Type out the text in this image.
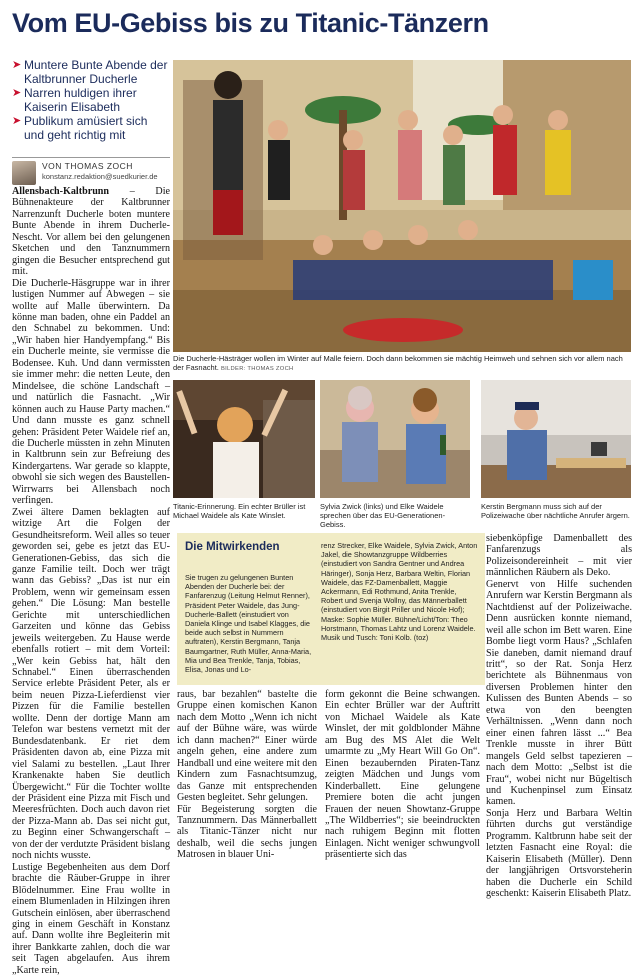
Vom EU-Gebiss bis zu Titanic-Tänzern
➤ Muntere Bunte Abende der Kaltbrunner Ducherle
➤ Narren huldigen ihrer Kaiserin Elisabeth
➤ Publikum amüsiert sich und geht richtig mit
VON THOMAS ZOCH
konstanz.redaktion@suedkurier.de

Allensbach-Kaltbrunn – Die Bühnenakteure der Kaltbrunner Narrenzunft Ducherle boten muntere Bunte Abende in ihrem Ducherle-Nescht. Vor allem bei den gelungenen Sketchen und den Tanznummern gingen die Besucher entsprechend gut mit.

Die Ducherle-Häsgruppe war in ihrer lustigen Nummer auf Abwegen – sie wollte auf Malle überwintern. Da könne man baden, ohne ein Paddel an den Schnabel zu bekommen. Und: „Wir haben hier Handyempfang.“ Bis ein Ducherle meinte, sie vermisse die Bodensee. Kuh. Und dann vermissten sie immer mehr: die netten Leute, den Mindelsee, die schöne Landschaft – und natürlich die Fasnacht. „Wir können auch zu Hause Party machen.“ Und dann musste es ganz schnell gehen: Präsident Peter Waidele rief an, die Ducherle müssten in zehn Minuten in Kaltbrunn sein zur Befreiung des Kindergartens. War gerade so klappte, obwohl sie sich wegen des Baustellen-Wirrwarrs bei Allensbach noch verfingen.

Zwei ältere Damen beklagten auf witzige Art die Folgen der Gesundheitsreform. Weil alles so teuer geworden sei, gebe es jetzt das EU-Generationen-Gebiss, das sich die ganze Familie teilt. Doch wer trägt wann das Gebiss? „Das ist nur ein Problem, wenn wir gemeinsam essen gehen.“ Die Lösung: Man bestelle Gerichte mit unterschiedlichen Garzeiten und könne das Gebiss jeweils weitergeben. Zu Hause werde ebenfalls rotiert – mit dem Vorteil: „Wer kein Gebiss hat, hält den Schnabel.“ Einen überraschenden Service erlebte Präsident Peter, als er beim neuen Pizza-Lieferdienst vier Pizzen für die Familie bestellen wollte. Denn der dortige Mann am Telefon war bestens vernetzt mit der Bundesdatenbank. Er riet dem Präsidenten davon ab, eine Pizza mit viel Salami zu bestellen. „Laut Ihrer Krankenakte haben Sie deutlich Übergewicht.“ Für die Tochter wollte der Präsident eine Pizza mit Fisch und Meeresfrüchten. Doch auch davon riet der Pizza-Mann ab. Das sei nicht gut, zu Beginn einer Schwangerschaft – von der der verdutzte Präsident bislang noch nichts wusste.

Lustige Begebenheiten aus dem Dorf brachte die Räuber-Gruppe in ihrer Blödelnummer. Eine Frau wollte in einem Blumenladen in Hilzingen ihren Gutschein einlösen, aber überraschend ging in einem Geschäft in Konstanz auf. Dann wollte ihre Begleiterin mit ihrer Bankkarte zahlen, doch die war seit Tagen abgelaufen. Aus ihrem „Karte rein,

Die Ducherle-Hästräger wollen im Winter auf Malle feiern. Doch dann bekommen sie mächtig Heimweh und sehnen sich vor allem nach der Fasnacht. BILDER: THOMAS ZOCH
Titanic-Erinnerung. Ein echter Brüller ist Michael Waidele als Kate Winslet.
Sylvia Zwick (links) und Elke Waidele sprechen über das EU-Generationen-Gebiss.
Kerstin Bergmann muss sich auf der Polizeiwache über nächtliche Anrufer ärgern.
Die Mitwirkenden
Sie trugen zu gelungenen Bunten Abenden der Ducherle bei: der Fanfarenzug (Leitung Helmut Renner), Präsident Peter Waidele, das Jung-Ducherle-Ballett (einstudiert von Daniela Klinge und Isabel Klagges, die beide auch selbst in Nummern auftraten), Kerstin Bergmann, Tanja Baumgartner, Ruth Müller, Anna-Maria, Mia und Bea Trenkle, Tanja, Tobias, Elisa, Jonas und Lo-
renz Strecker, Elke Waidele, Sylvia Zwick, Anton Jakel, die Showtanzgruppe Wildberries (einstudiert von Sandra Gentner und Andrea Häringer), Sonja Herz, Barbara Weltin, Florian Waidele, das FZ-Damenballett, Maggie Ackermann, Edi Rothmund, Anita Trenkle, Robert und Svenja Wollny, das Männerballett (einstudiert von Birgit Priller und Nicole Hof); Maske: Sophie Müller. Bühne/Licht/Ton: Theo Horstmann, Thomas Lahtz und Lorenz Waidele. Musik und Tusch: Toni Kolb. (toz)
raus, bar bezahlen“ bastelte die Gruppe einen komischen Kanon nach dem Motto „Wenn ich nicht auf der Bühne wäre, was würde ich dann machen?“ Einer würde angeln gehen, eine andere zum Handball und eine weitere mit den Kindern zum Fasnachtsumzug, das Ganze mit entsprechenden Gesten begleitet. Sehr gelungen.
Für Begeisterung sorgten die Tanznummern. Das Männerballett als Titanic-Tänzer nicht nur deshalb, weil die sechs jungen Matrosen in blauer Uni-
form gekonnt die Beine schwangen. Ein echter Brüller war der Auftritt von Michael Waidele als Kate Winslet, der mit goldblonder Mähne am Bug des MS Alet die Welt umarmte zu „My Heart Will Go On“. Einen bezaubernden Piraten-Tanz zeigten Mädchen und Jungs vom Kinderballett. Eine gelungene Premiere boten die acht jungen Frauen der neuen Showtanz-Gruppe „The Wildberries“; sie beeindruckten nach ruhigem Beginn mit flotten Einlagen. Nicht weniger schwungvoll präsentierte sich das
siebenköpfige Damenballett des Fanfarenzugs als Polizeisondereinheit – mit vier männlichen Räubern als Deko.
Genervt von Hilfe suchenden Anrufern war Kerstin Bergmann als Nachtdienst auf der Polizeiwache. Denn ausrücken konnte niemand, weil alle schon im Bett waren. Eine Bombe liegt vorm Haus? „Schlafen Sie daneben, damit niemand drauf tritt“, so der Rat. Sonja Herz berichtete als Bühnenmaus von diversen Problemen hinter den Kulissen des Bunten Abends – so etwa von den beengten Verhältnissen. „Wenn dann noch einer einen fahren lässt ...“ Bea Trenkle musste in ihrer Bütt mangels Geld selbst tapezieren – nach dem Motto: „Selbst ist die Frau“, wobei nicht nur Bügeltisch und Kuchenpinsel zum Einsatz kamen.
Sonja Herz und Barbara Weltin führten durchs gut verständige Programm. Kaltbrunn habe seit der letzten Fasnacht eine Royal: die Kaiserin Elisabeth (Müller). Denn der langjährigen Ortsvorsteherin haben die Ducherle ein Schild geschenkt: Kaiserin Elisabeth Platz.
